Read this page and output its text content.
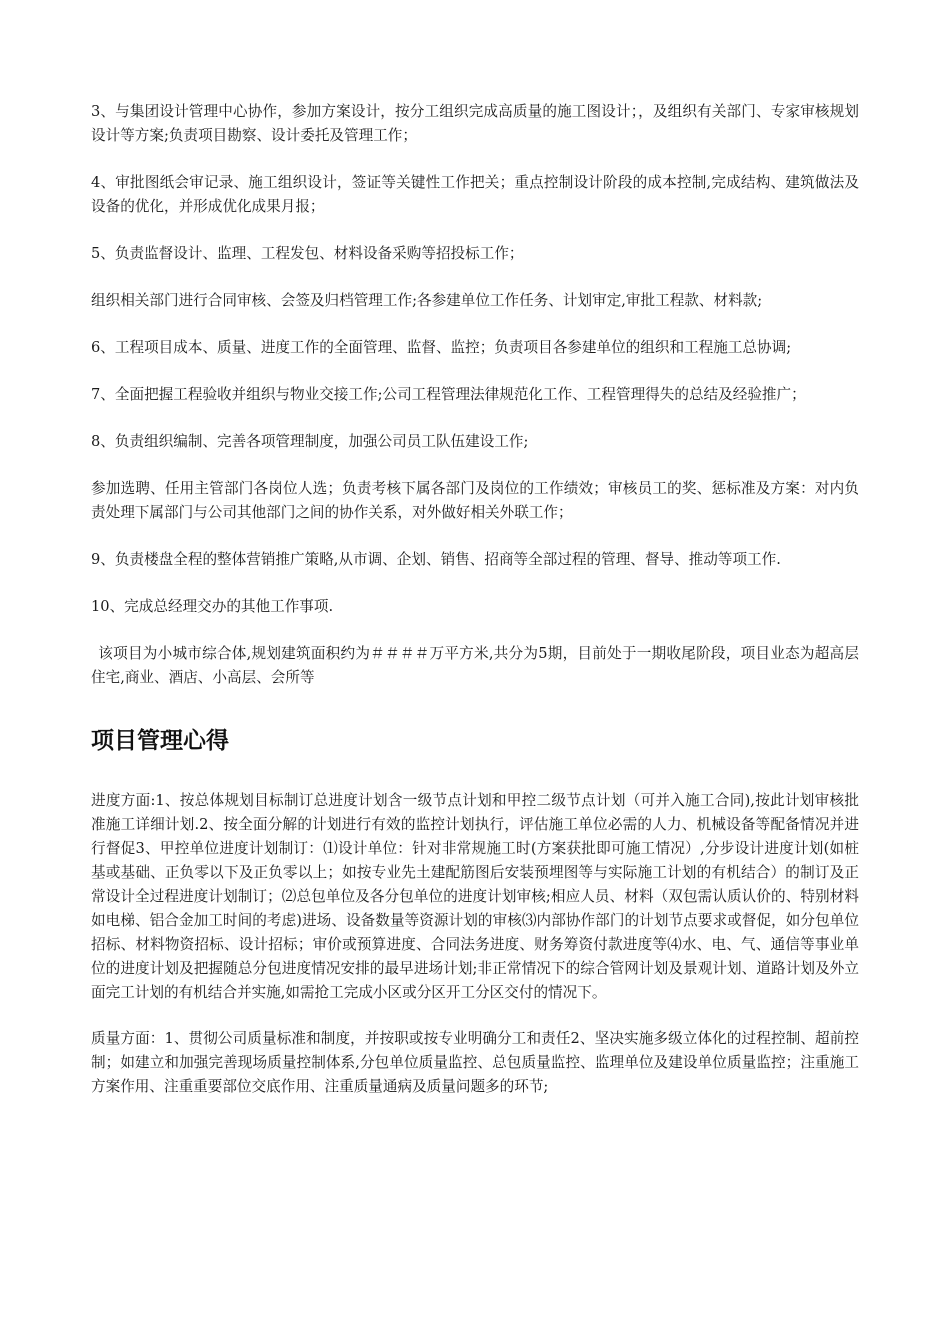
3、与集团设计管理中心协作，参加方案设计，按分工组织完成高质量的施工图设计；，及组织有关部门、专家审核规划设计等方案;负责项目勘察、设计委托及管理工作；

4、审批图纸会审记录、施工组织设计，签证等关键性工作把关；重点控制设计阶段的成本控制,完成结构、建筑做法及设备的优化，并形成优化成果月报；

5、负责监督设计、监理、工程发包、材料设备采购等招投标工作；

组织相关部门进行合同审核、会签及归档管理工作;各参建单位工作任务、计划审定,审批工程款、材料款;

6、工程项目成本、质量、进度工作的全面管理、监督、监控；负责项目各参建单位的组织和工程施工总协调;

7、全面把握工程验收并组织与物业交接工作;公司工程管理法律规范化工作、工程管理得失的总结及经验推广；

8、负责组织编制、完善各项管理制度，加强公司员工队伍建设工作;

参加选聘、任用主管部门各岗位人选；负责考核下属各部门及岗位的工作绩效；审核员工的奖、惩标准及方案：对内负责处理下属部门与公司其他部门之间的协作关系，对外做好相关外联工作；

9、负责楼盘全程的整体营销推广策略,从市调、企划、销售、招商等全部过程的管理、督导、推动等项工作.

10、完成总经理交办的其他工作事项.

该项目为小城市综合体,规划建筑面积约为＃＃＃＃万平方米,共分为5期，目前处于一期收尾阶段，项目业态为超高层住宅,商业、酒店、小高层、会所等

项目管理心得

进度方面:1、按总体规划目标制订总进度计划含一级节点计划和甲控二级节点计划（可并入施工合同),按此计划审核批准施工详细计划.2、按全面分解的计划进行有效的监控计划执行，评估施工单位必需的人力、机械设备等配备情况并进行督促3、甲控单位进度计划制订：⑴设计单位：针对非常规施工时(方案获批即可施工情况）,分步设计进度计划(如桩基或基础、正负零以下及正负零以上；如按专业先土建配筋图后安装预埋图等与实际施工计划的有机结合）的制订及正常设计全过程进度计划制订；⑵总包单位及各分包单位的进度计划审核;相应人员、材料（双包需认质认价的、特别材料如电梯、铝合金加工时间的考虑)进场、设备数量等资源计划的审核⑶内部协作部门的计划节点要求或督促，如分包单位招标、材料物资招标、设计招标；审价或预算进度、合同法务进度、财务筹资付款进度等⑷水、电、气、通信等事业单位的进度计划及把握随总分包进度情况安排的最早进场计划;非正常情况下的综合管网计划及景观计划、道路计划及外立面完工计划的有机结合并实施,如需抢工完成小区或分区开工分区交付的情况下。

质量方面：1、贯彻公司质量标准和制度，并按职或按专业明确分工和责任2、坚决实施多级立体化的过程控制、超前控制；如建立和加强完善现场质量控制体系,分包单位质量监控、总包质量监控、监理单位及建设单位质量监控；注重施工方案作用、注重重要部位交底作用、注重质量通病及质量问题多的环节;
